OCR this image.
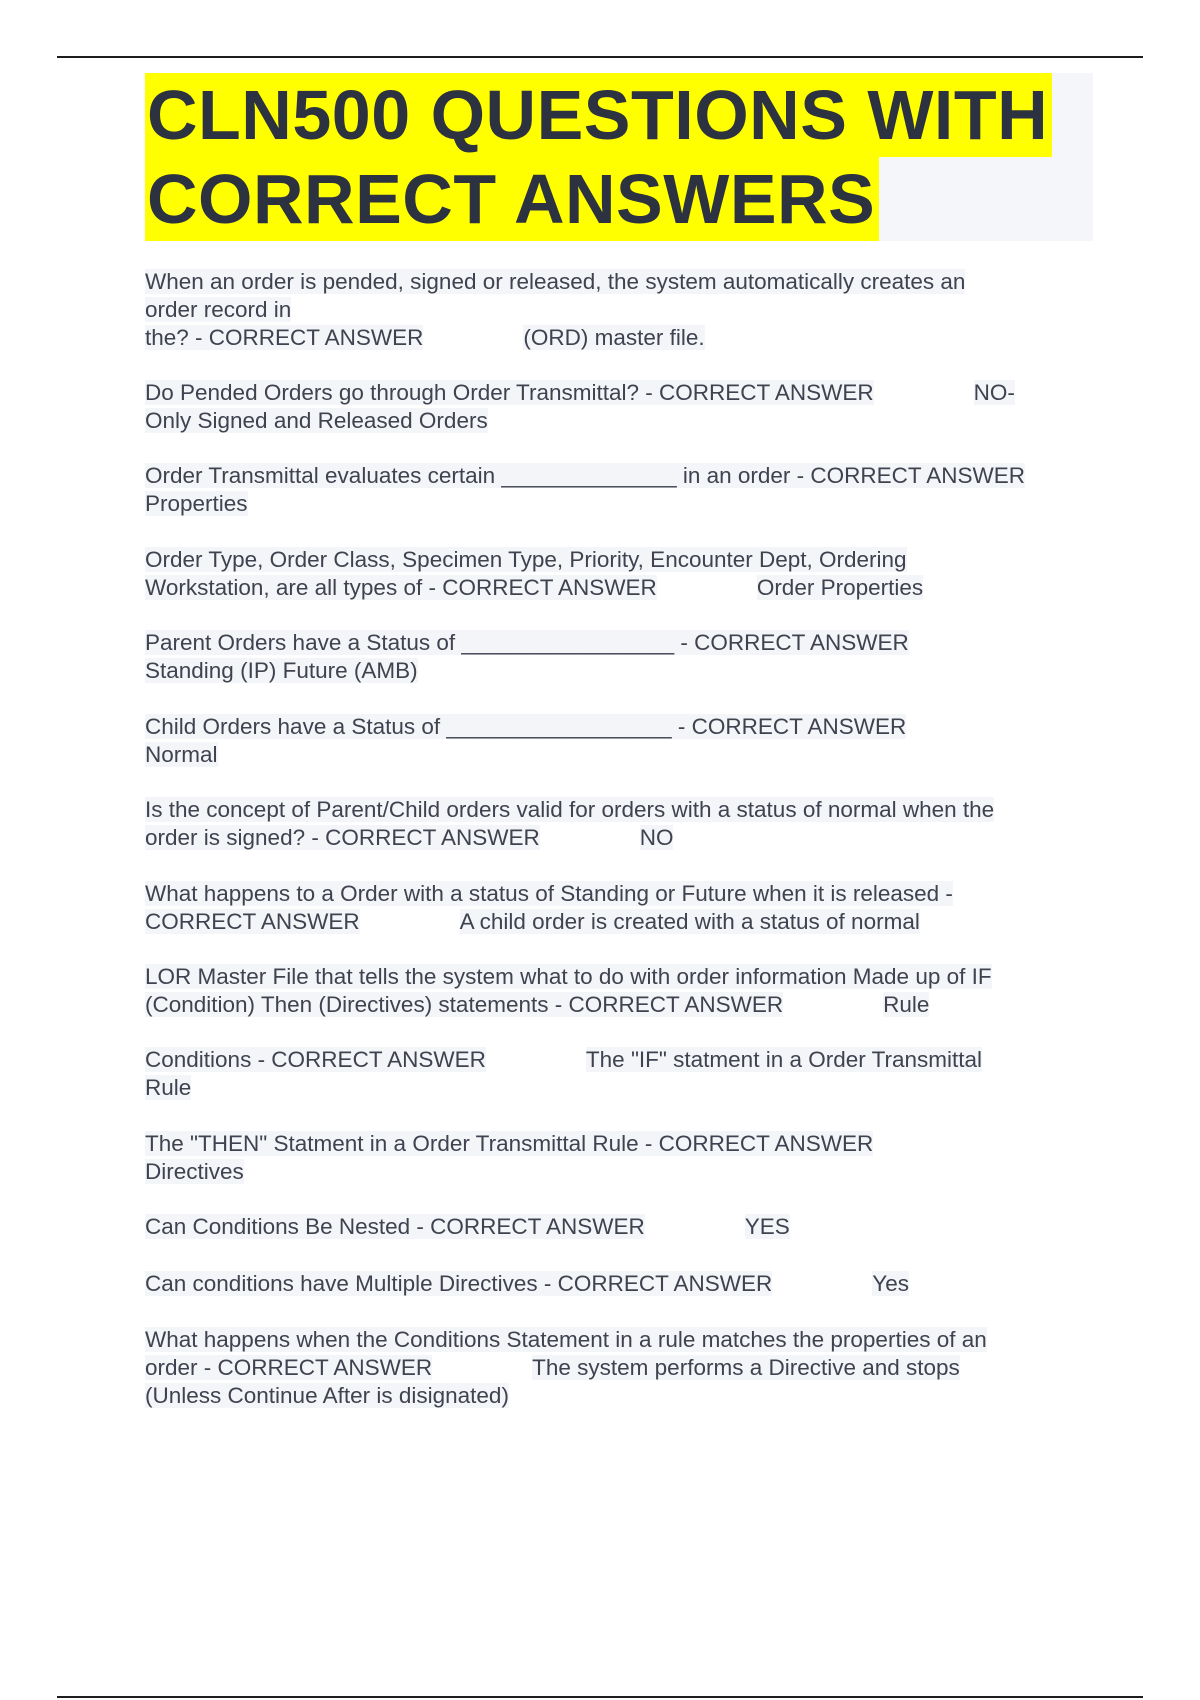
CLN500 QUESTIONS WITH
CORRECT ANSWERS
When an order is pended, signed or released, the system automatically creates an
order record in
the? - CORRECT ANSWER	(ORD) master file.
Do Pended Orders go through Order Transmittal? - CORRECT ANSWER	NO-
Only Signed and Released Orders
Order Transmittal evaluates certain ______________ in an order - CORRECT ANSWER
Properties
Order Type, Order Class, Specimen Type, Priority, Encounter Dept, Ordering
Workstation, are all types of - CORRECT ANSWER	Order Properties
Parent Orders have a Status of _________________ - CORRECT ANSWER
Standing (IP) Future (AMB)
Child Orders have a Status of __________________ - CORRECT ANSWER
Normal
Is the concept of Parent/Child orders valid for orders with a status of normal when the
order is signed? - CORRECT ANSWER	NO
What happens to a Order with a status of Standing or Future when it is released -
CORRECT ANSWER	A child order is created with a status of normal
LOR Master File that tells the system what to do with order information Made up of IF
(Condition) Then (Directives) statements - CORRECT ANSWER	Rule
Conditions - CORRECT ANSWER	The "IF" statment in a Order Transmittal
Rule
The "THEN" Statment in a Order Transmittal Rule - CORRECT ANSWER
Directives
Can Conditions Be Nested - CORRECT ANSWER	YES
Can conditions have Multiple Directives - CORRECT ANSWER	Yes
What happens when the Conditions Statement in a rule matches the properties of an
order - CORRECT ANSWER	The system performs a Directive and stops
(Unless Continue After is disignated)
